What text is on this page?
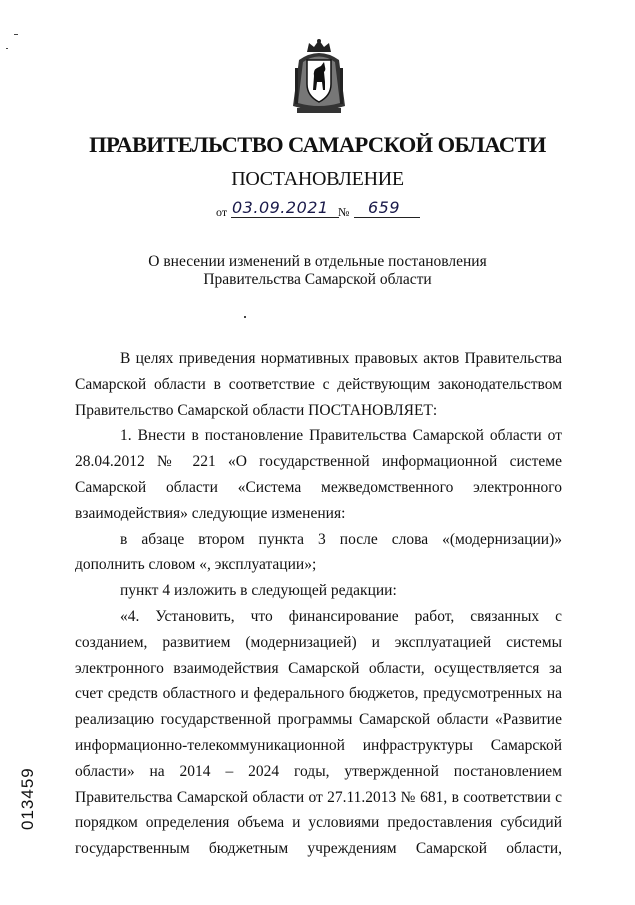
ПРАВИТЕЛЬСТВО САМАРСКОЙ ОБЛАСТИ
ПОСТАНОВЛЕНИЕ
от 03.09.2021 № 659
О внесении изменений в отдельные постановления
Правительства Самарской области

В целях приведения нормативных правовых актов Правительства Самарской области в соответствие с действующим законодательством Правительство Самарской области ПОСТАНОВЛЯЕТ:

1. Внести в постановление Правительства Самарской области от 28.04.2012 № 221 «О государственной информационной системе Самарской области «Система межведомственного электронного взаимодействия» следующие изменения:

в абзаце втором пункта 3 после слова «(модернизации)» дополнить словом «, эксплуатации»;

пункт 4 изложить в следующей редакции:

«4. Установить, что финансирование работ, связанных с созданием, развитием (модернизацией) и эксплуатацией системы электронного взаимодействия Самарской области, осуществляется за счет средств областного и федерального бюджетов, предусмотренных на реализацию государственной программы Самарской области «Развитие информационно-телекоммуникационной инфраструктуры Самарской области» на 2014 – 2024 годы, утвержденной постановлением Правительства Самарской области от 27.11.2013 № 681, в соответствии с порядком определения объема и условиями предоставления субсидий государственным бюджетным учреждениям Самарской области,

013459
